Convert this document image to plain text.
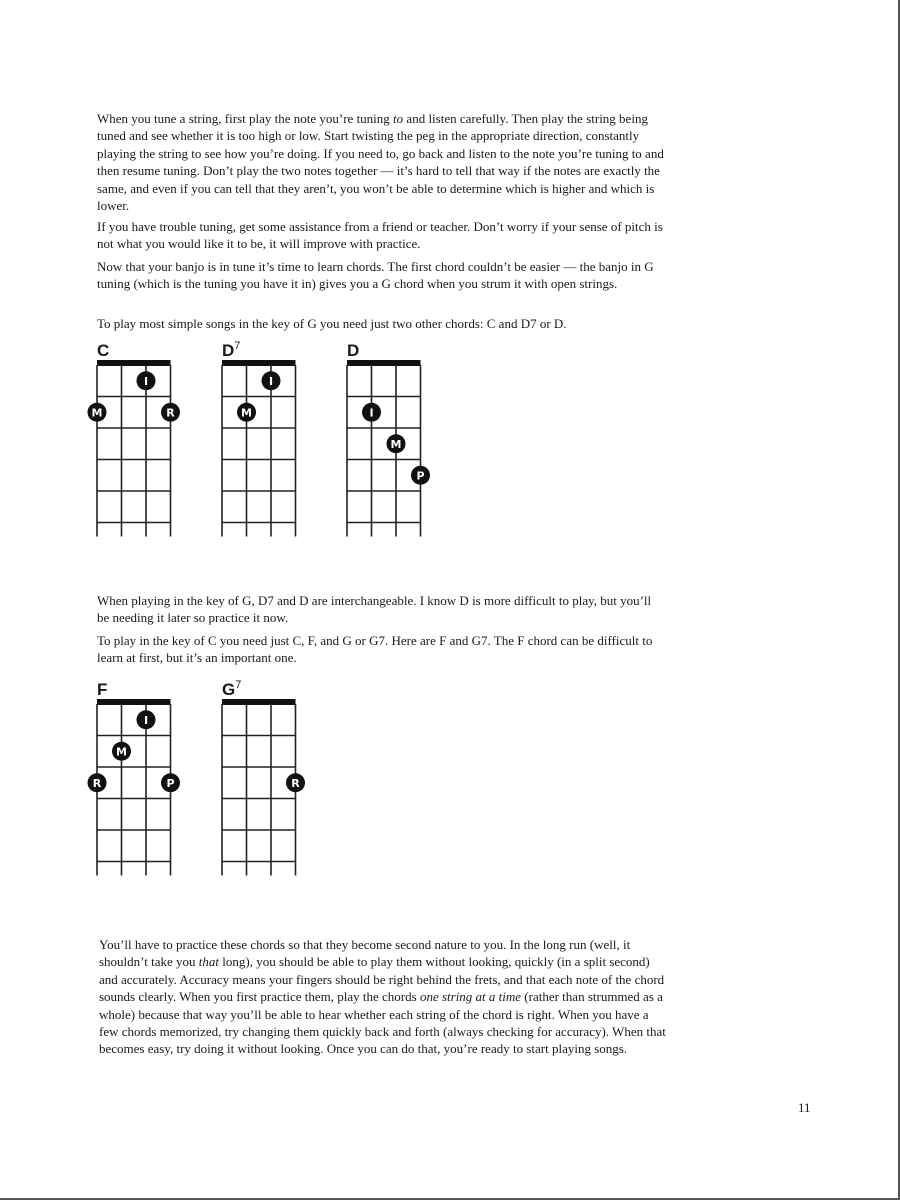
When you tune a string, first play the note you’re tuning to and listen carefully. Then play the string being tuned and see whether it is too high or low. Start twisting the peg in the appropriate direction, constantly playing the string to see how you’re doing. If you need to, go back and listen to the note you’re tuning to and then resume tuning. Don’t play the two notes together — it’s hard to tell that way if the notes are exactly the same, and even if you can tell that they aren’t, you won’t be able to determine which is higher and which is lower.

If you have trouble tuning, get some assistance from a friend or teacher. Don’t worry if your sense of pitch is not what you would like it to be, it will improve with practice.

Now that your banjo is in tune it’s time to learn chords. The first chord couldn’t be easier — the banjo in G tuning (which is the tuning you have it in) gives you a G chord when you strum it with open strings.

To play most simple songs in the key of G you need just two other chords: C and D7 or D.

C
I
M	R
$D^7$
I
M
D
I
M
P

When playing in the key of G, D7 and D are interchangeable. I know D is more difficult to play, but you’ll be needing it later so practice it now.

To play in the key of C you need just C, F, and G or G7. Here are F and G7. The F chord can be difficult to learn at first, but it’s an important one.

F
I
M
R	P
$G^7$
R

You’ll have to practice these chords so that they become second nature to you. In the long run (well, it shouldn’t take you that long), you should be able to play them without looking, quickly (in a split second) and accurately. Accuracy means your fingers should be right behind the frets, and that each note of the chord sounds clearly. When you first practice them, play the chords one string at a time (rather than strummed as a whole) because that way you’ll be able to hear whether each string of the chord is right. When you have a few chords memorized, try changing them quickly back and forth (always checking for accuracy). When that becomes easy, try doing it without looking. Once you can do that, you’re ready to start playing songs.

11
